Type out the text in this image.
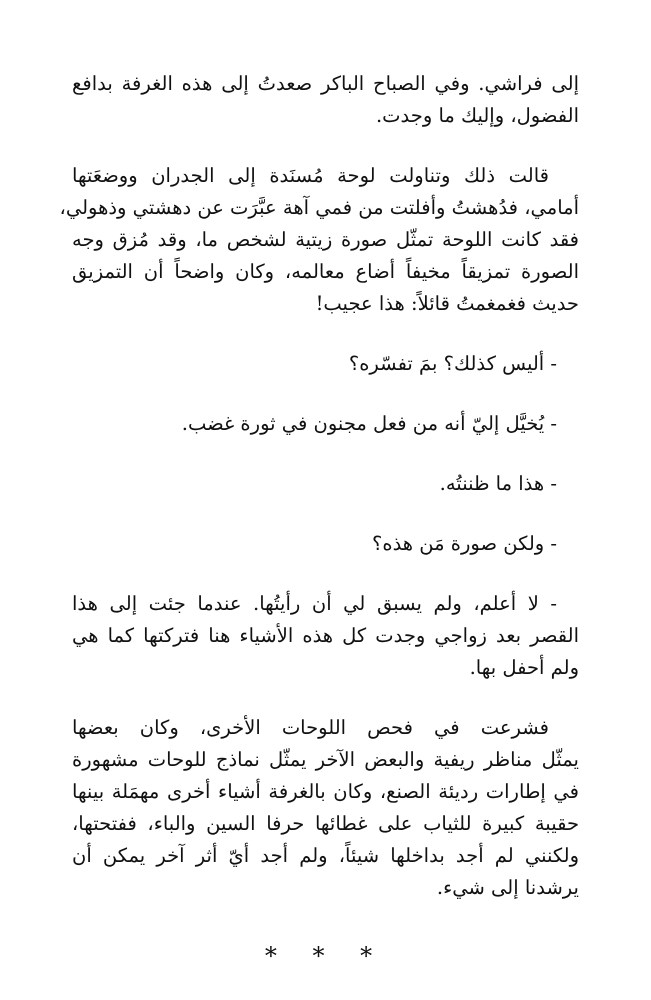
إلى فراشي. وفي الصباح الباكر صعدتُ إلى هذه الغرفة بدافع
الفضول، وإليك ما وجدت.
قالت ذلك وتناولت لوحة مُسنَدة إلى الجدران ووضعَتها
أمامي، فدُهشتُ وأفلتت من فمي آهة عبَّرَت عن دهشتي وذهولي،
فقد كانت اللوحة تمثّل صورة زيتية لشخص ما، وقد مُزق وجه
الصورة تمزيقاً مخيفاً أضاع معالمه، وكان واضحاً أن التمزيق
حديث فغمغمتُ قائلاً: هذا عجيب!
- أليس كذلك؟ بمَ تفسّره؟
- يُخيَّل إليّ أنه من فعل مجنون في ثورة غضب.
- هذا ما ظننتُه.
- ولكن صورة مَن هذه؟
- لا أعلم، ولم يسبق لي أن رأيتُها. عندما جئت إلى هذا
القصر بعد زواجي وجدت كل هذه الأشياء هنا فتركتها كما هي
ولم أحفل بها.
فشرعت في فحص اللوحات الأخرى، وكان بعضها
يمثّل مناظر ريفية والبعض الآخر يمثّل نماذج للوحات مشهورة
في إطارات رديئة الصنع، وكان بالغرفة أشياء أخرى مهمَلة بينها
حقيبة كبيرة للثياب على غطائها حرفا السين والباء، ففتحتها،
ولكنني لم أجد بداخلها شيئاً، ولم أجد أيّ أثر آخر يمكن أن
يرشدنا إلى شيء.
* * *
